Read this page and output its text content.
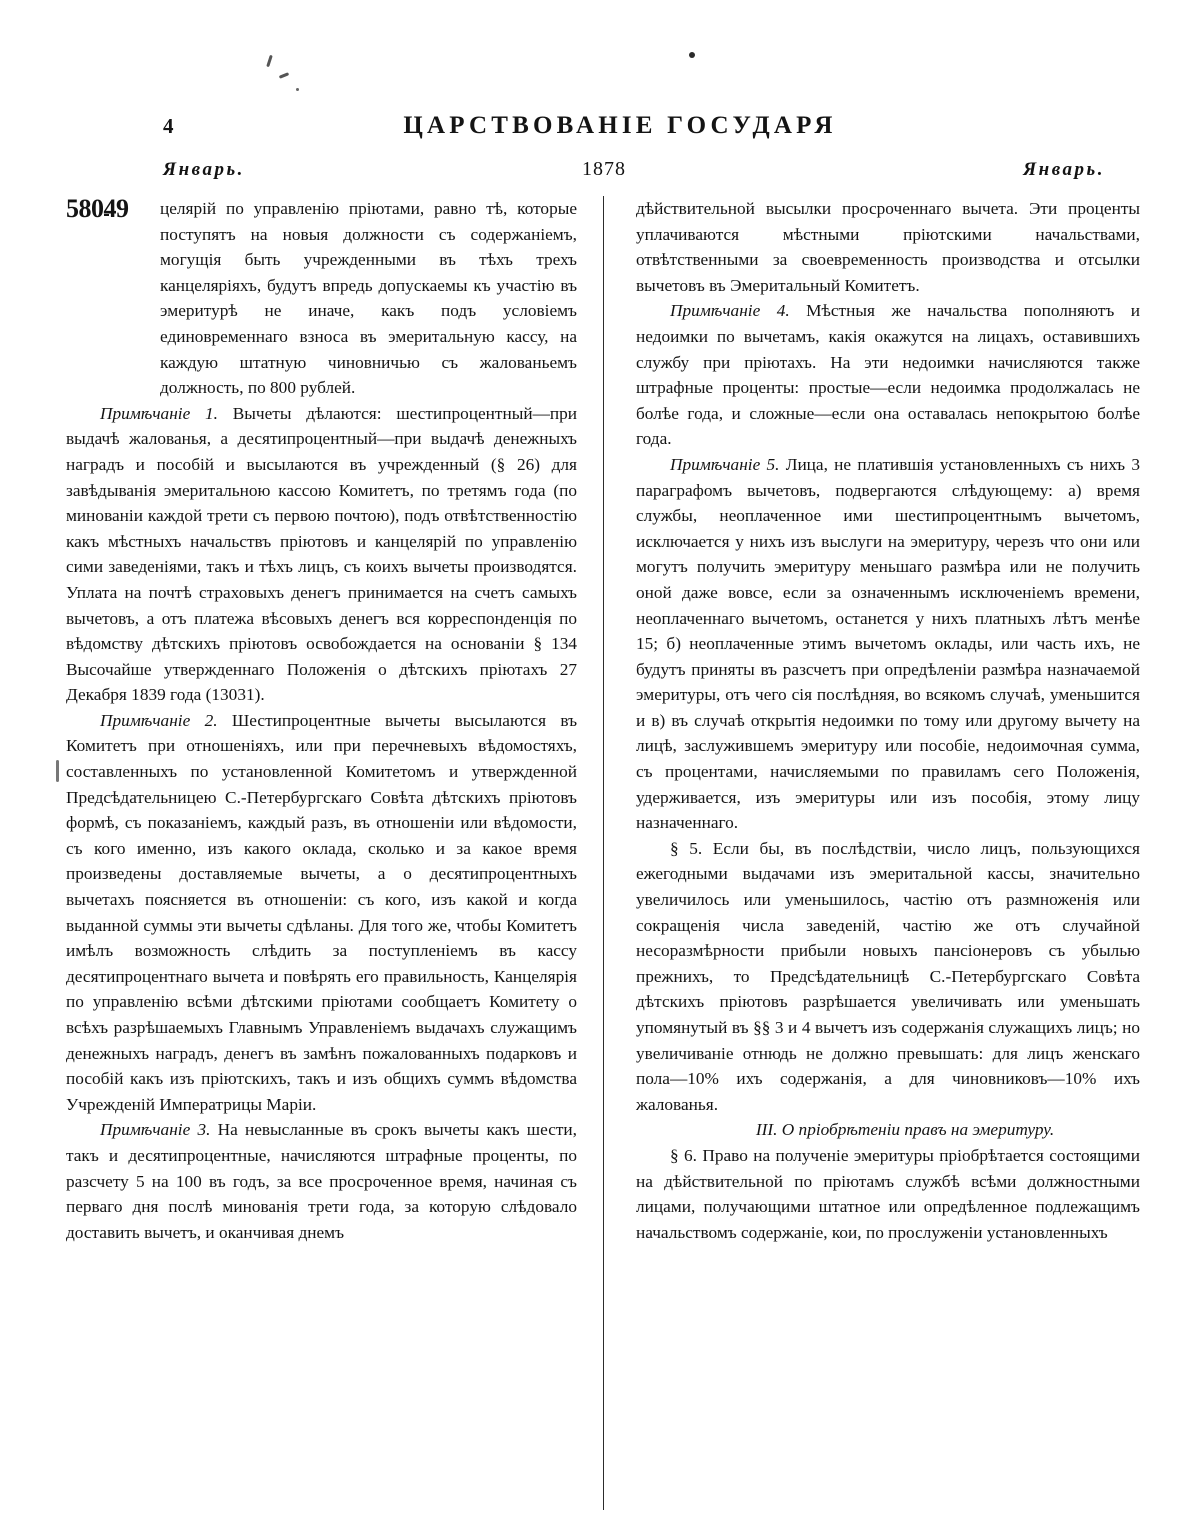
4	ЦАРСТВОВАНІЕ ГОСУДАРЯ
Январь.	1878	Январь.
58049	целярій по управленію пріютами, равно тѣ, которые поступятъ на новыя должности съ содержаніемъ, могущія быть учрежденными въ тѣхъ трехъ канцеляріяхъ, будутъ впредь допускаемы къ участію въ эмеритурѣ не иначе, какъ подъ условіемъ единовременнаго взноса въ эмеритальную кассу, на каждую штатную чиновничью съ жалованьемъ должность, по 800 рублей.

Примѣчаніе 1. Вычеты дѣлаются: шестипроцентный—при выдачѣ жалованья, а десятипроцентный—при выдачѣ денежныхъ наградъ и пособій и высылаются въ учрежденный (§ 26) для завѣдыванія эмеритальною кассою Комитетъ, по третямъ года (по минованіи каждой трети съ первою почтою), подъ отвѣтственностію какъ мѣстныхъ начальствъ пріютовъ и канцелярій по управленію сими заведеніями, такъ и тѣхъ лицъ, съ коихъ вычеты производятся. Уплата на почтѣ страховыхъ денегъ принимается на счетъ самыхъ вычетовъ, а отъ платежа вѣсовыхъ денегъ вся корреспонденція по вѣдомству дѣтскихъ пріютовъ освобождается на основаніи § 134 Высочайше утвержденнаго Положенія о дѣтскихъ пріютахъ 27 Декабря 1839 года (13031).

Примѣчаніе 2. Шестипроцентные вычеты высылаются въ Комитетъ при отношеніяхъ, или при перечневыхъ вѣдомостяхъ, составленныхъ по установленной Комитетомъ и утвержденной Предсѣдательницею С.-Петербургскаго Совѣта дѣтскихъ пріютовъ формѣ, съ показаніемъ, каждый разъ, въ отношеніи или вѣдомости, съ кого именно, изъ какого оклада, сколько и за какое время произведены доставляемые вычеты, а о десятипроцентныхъ вычетахъ поясняется въ отношеніи: съ кого, изъ какой и когда выданной суммы эти вычеты сдѣланы. Для того же, чтобы Комитетъ имѣлъ возможность слѣдить за поступленіемъ въ кассу десятипроцентнаго вычета и повѣрять его правильность, Канцелярія по управленію всѣми дѣтскими пріютами сообщаетъ Комитету о всѣхъ разрѣшаемыхъ Главнымъ Управленіемъ выдачахъ служащимъ денежныхъ наградъ, денегъ въ замѣнъ пожалованныхъ подарковъ и пособій какъ изъ пріютскихъ, такъ и изъ общихъ суммъ вѣдомства Учрежденій Императрицы Маріи.

Примѣчаніе 3. На невысланные въ срокъ вычеты какъ шести, такъ и десятипроцентные, начисляются штрафные проценты, по разсчету 5 на 100 въ годъ, за все просроченное время, начиная съ перваго дня послѣ минованія трети года, за которую слѣдовало доставить вычетъ, и оканчивая днемъ

дѣйствительной высылки просроченнаго вычета. Эти проценты уплачиваются мѣстными пріютскими начальствами, отвѣтственными за своевременность производства и отсылки вычетовъ въ Эмеритальный Комитетъ.

Примѣчаніе 4. Мѣстныя же начальства пополняютъ и недоимки по вычетамъ, какія окажутся на лицахъ, оставившихъ службу при пріютахъ. На эти недоимки начисляются также штрафные проценты: простые—если недоимка продолжалась не болѣе года, и сложные—если она оставалась непокрытою болѣе года.

Примѣчаніе 5. Лица, не платившія установленныхъ съ нихъ 3 параграфомъ вычетовъ, подвергаются слѣдующему: а) время службы, неоплаченное ими шестипроцентнымъ вычетомъ, исключается у нихъ изъ выслуги на эмеритуру, черезъ что они или могутъ получить эмеритуру меньшаго размѣра или не получить оной даже вовсе, если за означеннымъ исключеніемъ времени, неоплаченнаго вычетомъ, останется у нихъ платныхъ лѣтъ менѣе 15; б) неоплаченные этимъ вычетомъ оклады, или часть ихъ, не будутъ приняты въ разсчетъ при опредѣленіи размѣра назначаемой эмеритуры, отъ чего сія послѣдняя, во всякомъ случаѣ, уменьшится и в) въ случаѣ открытія недоимки по тому или другому вычету на лицѣ, заслужившемъ эмеритуру или пособіе, недоимочная сумма, съ процентами, начисляемыми по правиламъ сего Положенія, удерживается, изъ эмеритуры или изъ пособія, этому лицу назначеннаго.

§ 5. Если бы, въ послѣдствіи, число лицъ, пользующихся ежегодными выдачами изъ эмеритальной кассы, значительно увеличилось или уменьшилось, частію отъ размноженія или сокращенія числа заведеній, частію же отъ случайной несоразмѣрности прибыли новыхъ пансіонеровъ съ убылью прежнихъ, то Предсѣдательницѣ С.-Петербургскаго Совѣта дѣтскихъ пріютовъ разрѣшается увеличивать или уменьшать упомянутый въ §§ 3 и 4 вычетъ изъ содержанія служащихъ лицъ; но увеличиваніе отнюдь не должно превышать: для лицъ женскаго пола—10% ихъ содержанія, а для чиновниковъ—10% ихъ жалованья.

III. О пріобрѣтеніи правъ на эмеритуру.

§ 6. Право на полученіе эмеритуры пріобрѣтается состоящими на дѣйствительной по пріютамъ службѣ всѣми должностными лицами, получающими штатное или опредѣленное подлежащимъ начальствомъ содержаніе, кои, по прослуженіи установленныхъ
